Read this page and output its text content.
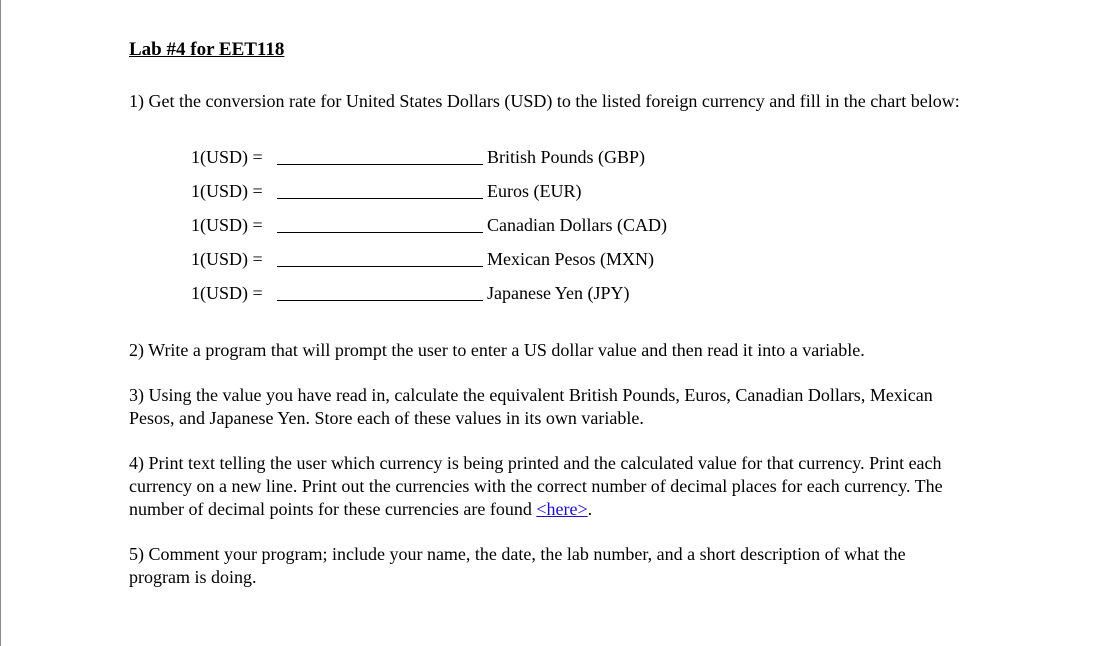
Lab #4 for EET118

1) Get the conversion rate for United States Dollars (USD) to the listed foreign currency and fill in the chart below:

1(USD) =	British Pounds (GBP)
1(USD) =	Euros (EUR)
1(USD) =	Canadian Dollars (CAD)
1(USD) =	Mexican Pesos (MXN)
1(USD) =	Japanese Yen (JPY)

2) Write a program that will prompt the user to enter a US dollar value and then read it into a variable.

3) Using the value you have read in, calculate the equivalent British Pounds, Euros, Canadian Dollars, Mexican Pesos, and Japanese Yen. Store each of these values in its own variable.

4) Print text telling the user which currency is being printed and the calculated value for that currency. Print each currency on a new line. Print out the currencies with the correct number of decimal places for each currency. The number of decimal points for these currencies are found <here>.

5) Comment your program; include your name, the date, the lab number, and a short description of what the program is doing.
